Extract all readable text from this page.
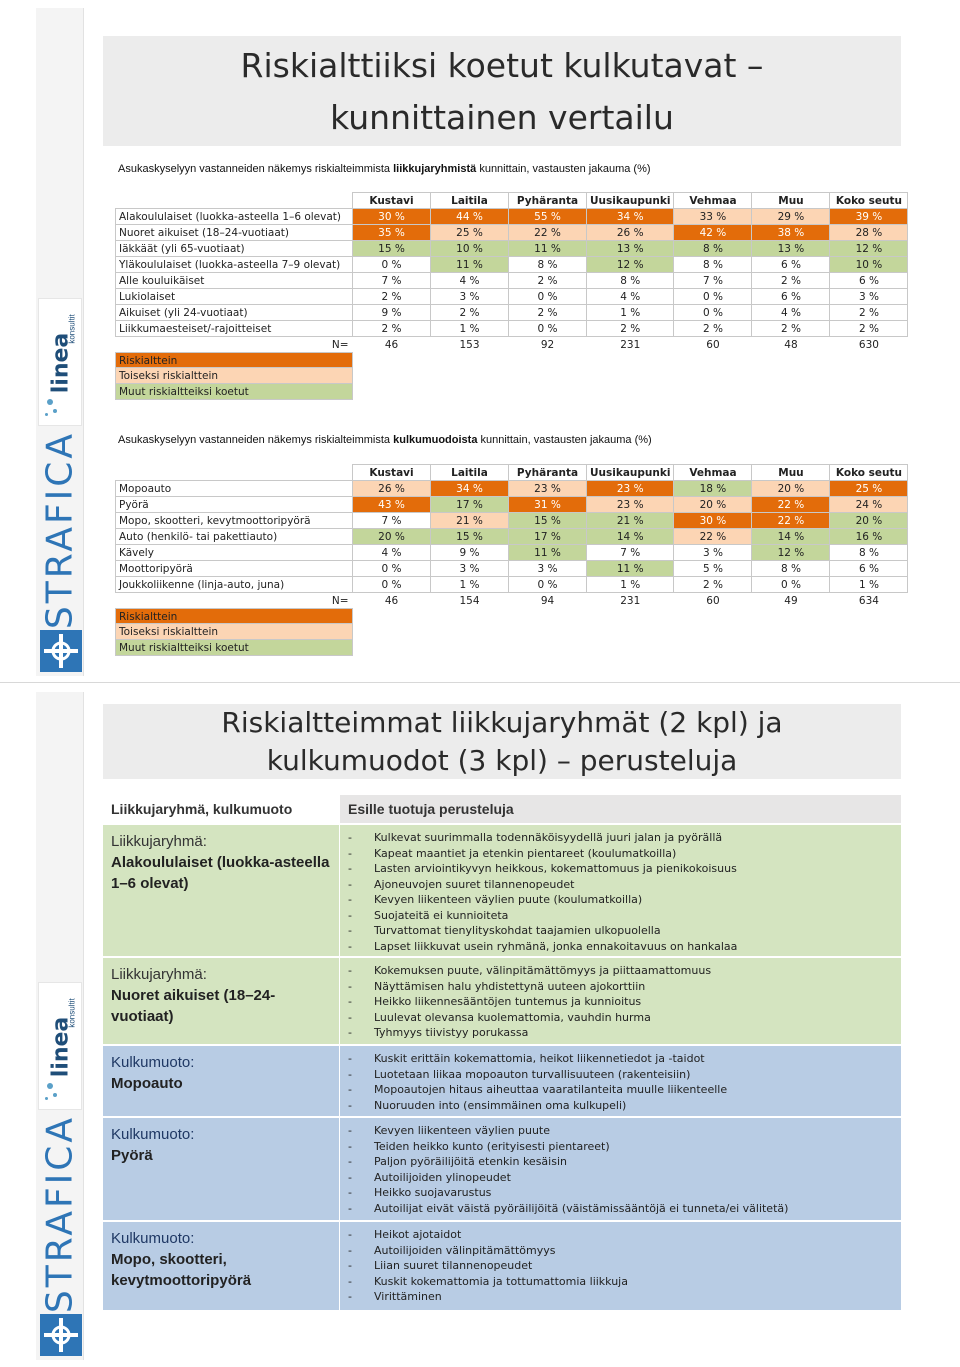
linea
konsultit
STRAFICA
Riskialttiiksi koetut kulkutavat –
kunnittainen vertailu
Asukaskyselyyn vastanneiden näkemys riskialteimmista liikkujaryhmistä kunnittain, vastausten jakauma (%)
	Kustavi	Laitila	Pyhäranta	Uusikaupunki	Vehmaa	Muu	Koko seutu
Alakoululaiset (luokka-asteella 1–6 olevat)	30 %	44 %	55 %	34 %	33 %	29 %	39 %
Nuoret aikuiset (18–24-vuotiaat)	35 %	25 %	22 %	26 %	42 %	38 %	28 %
Iäkkäät (yli 65-vuotiaat)	15 %	10 %	11 %	13 %	8 %	13 %	12 %
Yläkoululaiset (luokka-asteella 7–9 olevat)	0 %	11 %	8 %	12 %	8 %	6 %	10 %
Alle kouluikäiset	7 %	4 %	2 %	8 %	7 %	2 %	6 %
Lukiolaiset	2 %	3 %	0 %	4 %	0 %	6 %	3 %
Aikuiset (yli 24-vuotiaat)	9 %	2 %	2 %	1 %	0 %	4 %	2 %
Liikkumaesteiset/-rajoitteiset	2 %	1 %	0 %	2 %	2 %	2 %	2 %
N=	46	153	92	231	60	48	630
Riskialttein
Toiseksi riskialttein
Muut riskialtteiksi koetut
Asukaskyselyyn vastanneiden näkemys riskialteimmista kulkumuodoista kunnittain, vastausten jakauma (%)
	Kustavi	Laitila	Pyhäranta	Uusikaupunki	Vehmaa	Muu	Koko seutu
Mopoauto	26 %	34 %	23 %	23 %	18 %	20 %	25 %
Pyörä	43 %	17 %	31 %	23 %	20 %	22 %	24 %
Mopo, skootteri, kevytmoottoripyörä	7 %	21 %	15 %	21 %	30 %	22 %	20 %
Auto (henkilö- tai pakettiauto)	20 %	15 %	17 %	14 %	22 %	14 %	16 %
Kävely	4 %	9 %	11 %	7 %	3 %	12 %	8 %
Moottoripyörä	0 %	3 %	3 %	11 %	5 %	8 %	6 %
Joukkoliikenne (linja-auto, juna)	0 %	1 %	0 %	1 %	2 %	0 %	1 %
N=	46	154	94	231	60	49	634
Riskialttein
Toiseksi riskialttein
Muut riskialtteiksi koetut
linea
konsultit
STRAFICA
Riskialtteimmat liikkujaryhmät (2 kpl) ja
kulkumuodot (3 kpl) – perusteluja
Liikkujaryhmä, kulkumuoto	Esille tuotuja perusteluja
Liikkujaryhmä:
Alakoululaiset (luokka-asteella 1–6 olevat)
- Kulkevat suurimmalla todennäköisyydellä juuri jalan ja pyörällä
- Kapeat maantiet ja etenkin pientareet (koulumatkoilla)
- Lasten arviointikyvyn heikkous, kokemattomuus ja pienikokoisuus
- Ajoneuvojen suuret tilannenopeudet
- Kevyen liikenteen väylien puute (koulumatkoilla)
- Suojateitä ei kunnioiteta
- Turvattomat tienylityskohdat taajamien ulkopuolella
- Lapset liikkuvat usein ryhmänä, jonka ennakoitavuus on hankalaa
Liikkujaryhmä:
Nuoret aikuiset (18–24-vuotiaat)
- Kokemuksen puute, välinpitämättömyys ja piittaamattomuus
- Näyttämisen halu yhdistettynä uuteen ajokorttiin
- Heikko liikennesääntöjen tuntemus ja kunnioitus
- Luulevat olevansa kuolemattomia, vauhdin hurma
- Tyhmyys tiivistyy porukassa
Kulkumuoto:
Mopoauto
- Kuskit erittäin kokemattomia, heikot liikennetiedot ja -taidot
- Luotetaan liikaa mopoauton turvallisuuteen (rakenteisiin)
- Mopoautojen hitaus aiheuttaa vaaratilanteita muulle liikenteelle
- Nuoruuden into (ensimmäinen oma kulkupeli)
Kulkumuoto:
Pyörä
- Kevyen liikenteen väylien puute
- Teiden heikko kunto (erityisesti pientareet)
- Paljon pyöräilijöitä etenkin kesäisin
- Autoilijoiden ylinopeudet
- Heikko suojavarustus
- Autoilijat eivät väistä pyöräilijöitä (väistämissääntöjä ei tunneta/ei välitetä)
Kulkumuoto:
Mopo, skootteri, kevytmoottoripyörä
- Heikot ajotaidot
- Autoilijoiden välinpitämättömyys
- Liian suuret tilannenopeudet
- Kuskit kokemattomia ja tottumattomia liikkuja
- Virittäminen
